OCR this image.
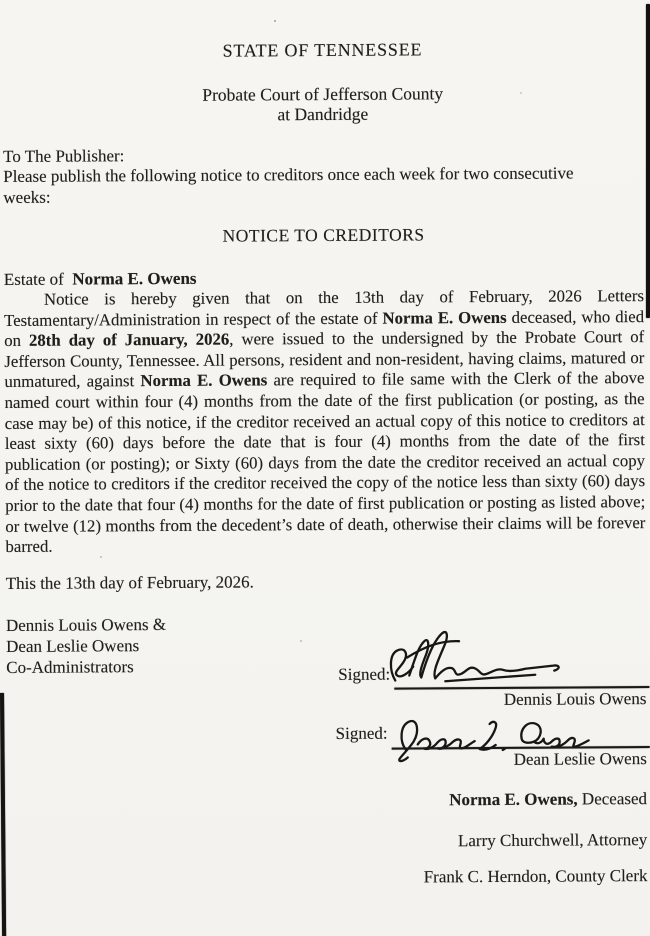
STATE OF TENNESSEE
Probate Court of Jefferson County
at Dandridge
To The Publisher:
Please publish the following notice to creditors once each week for two consecutive
weeks:
NOTICE TO CREDITORS
Estate of  Norma E. Owens
Notice is hereby given that on the 13th day of February, 2026 Letters Testamentary/Administration in respect of the estate of Norma E. Owens deceased, who died on 28th day of January, 2026, were issued to the undersigned by the Probate Court of Jefferson County, Tennessee. All persons, resident and non-resident, having claims, matured or unmatured, against Norma E. Owens are required to file same with the Clerk of the above named court within four (4) months from the date of the first publication (or posting, as the case may be) of this notice, if the creditor received an actual copy of this notice to creditors at least sixty (60) days before the date that is four (4) months from the date of the first publication (or posting); or Sixty (60) days from the date the creditor received an actual copy of the notice to creditors if the creditor received the copy of the notice less than sixty (60) days prior to the date that four (4) months for the date of first publication or posting as listed above; or twelve (12) months from the decedent’s date of death, otherwise their claims will be forever barred.
This the 13th day of February, 2026.
Dennis Louis Owens &
Dean Leslie Owens
Co-Administrators	Signed:
Dennis Louis Owens
Signed:
Dean Leslie Owens
Norma E. Owens, Deceased
Larry Churchwell, Attorney
Frank C. Herndon, County Clerk
